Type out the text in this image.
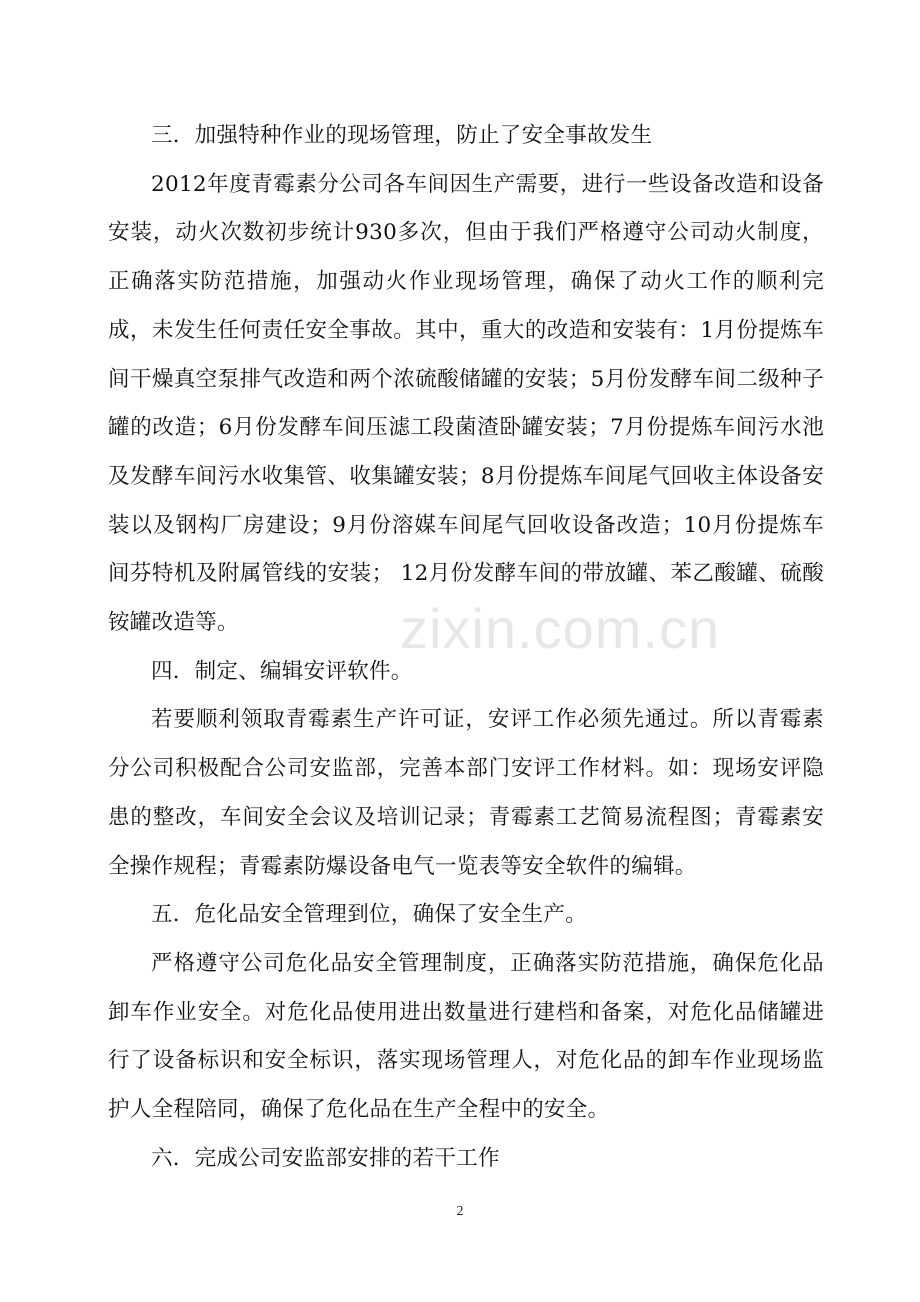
三．加强特种作业的现场管理，防止了安全事故发生

2012年度青霉素分公司各车间因生产需要，进行一些设备改造和设备安装，动火次数初步统计930多次，但由于我们严格遵守公司动火制度，正确落实防范措施，加强动火作业现场管理，确保了动火工作的顺利完成，未发生任何责任安全事故。其中，重大的改造和安装有：1月份提炼车间干燥真空泵排气改造和两个浓硫酸储罐的安装；5月份发酵车间二级种子罐的改造；6月份发酵车间压滤工段菌渣卧罐安装；7月份提炼车间污水池及发酵车间污水收集管、收集罐安装；8月份提炼车间尾气回收主体设备安装以及钢构厂房建设；9月份溶媒车间尾气回收设备改造；10月份提炼车间芬特机及附属管线的安装； 12月份发酵车间的带放罐、苯乙酸罐、硫酸铵罐改造等。

四．制定、编辑安评软件。

若要顺利领取青霉素生产许可证，安评工作必须先通过。所以青霉素分公司积极配合公司安监部，完善本部门安评工作材料。如：现场安评隐患的整改，车间安全会议及培训记录；青霉素工艺简易流程图；青霉素安全操作规程；青霉素防爆设备电气一览表等安全软件的编辑。

五．危化品安全管理到位，确保了安全生产。

严格遵守公司危化品安全管理制度，正确落实防范措施，确保危化品卸车作业安全。对危化品使用进出数量进行建档和备案，对危化品储罐进行了设备标识和安全标识，落实现场管理人，对危化品的卸车作业现场监护人全程陪同，确保了危化品在生产全程中的安全。

六．完成公司安监部安排的若干工作

zixin.com.cn
2
